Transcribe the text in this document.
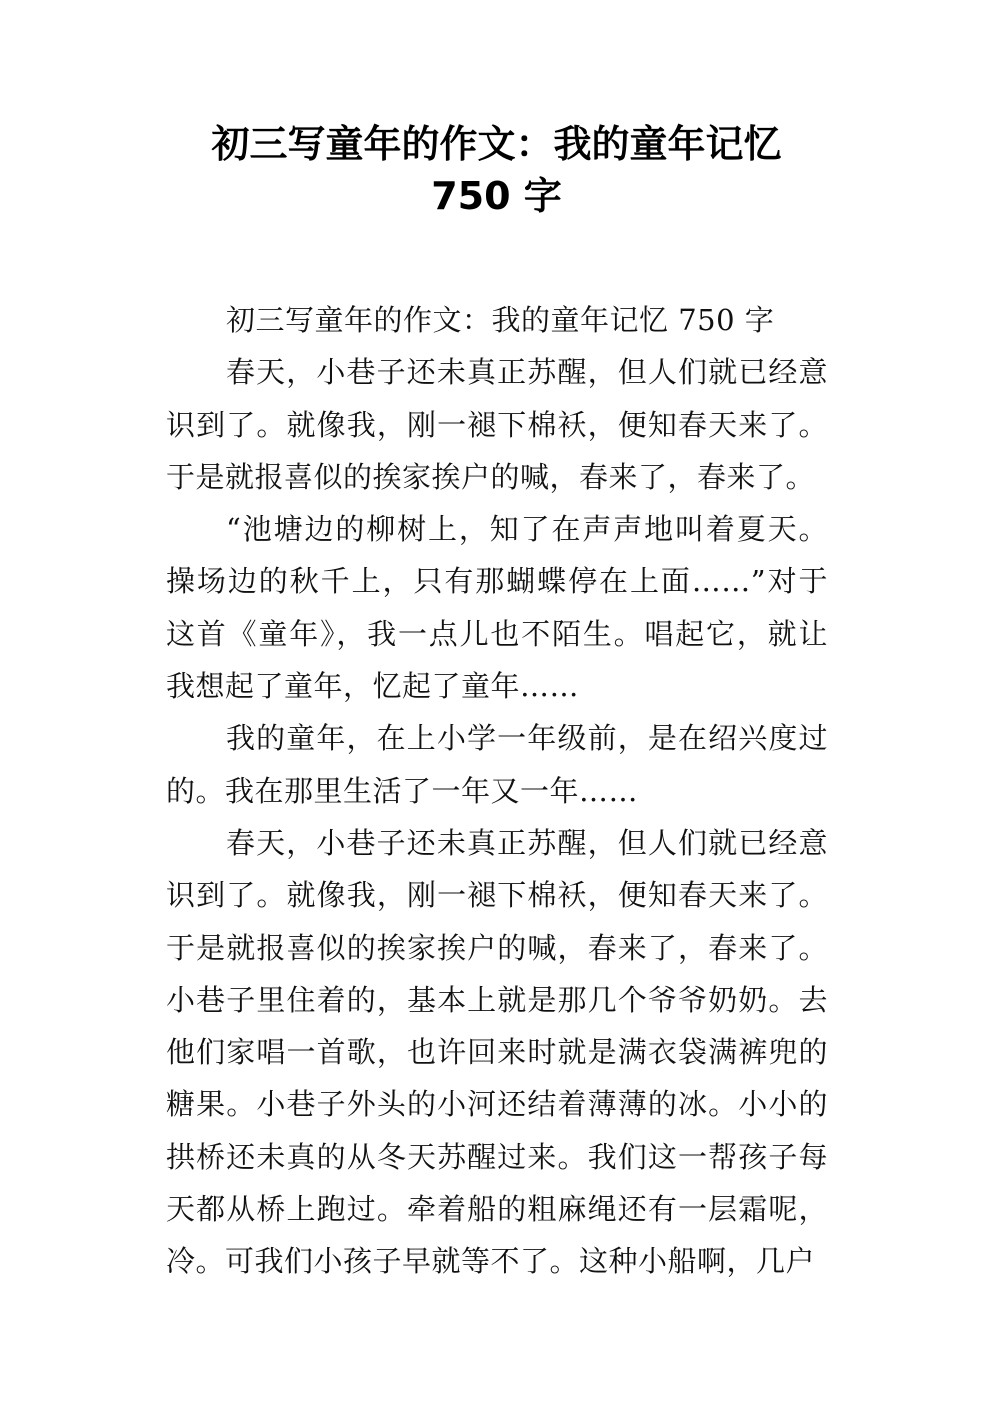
初三写童年的作文：我的童年记忆
750 字

初三写童年的作文：我的童年记忆 750 字

春天，小巷子还未真正苏醒，但人们就已经意识到了。就像我，刚一褪下棉袄，便知春天来了。于是就报喜似的挨家挨户的喊，春来了，春来了。

“池塘边的柳树上，知了在声声地叫着夏天。操场边的秋千上，只有那蝴蝶停在上面……”对于这首《童年》，我一点儿也不陌生。唱起它，就让我想起了童年，忆起了童年……

我的童年，在上小学一年级前，是在绍兴度过的。我在那里生活了一年又一年……

春天，小巷子还未真正苏醒，但人们就已经意识到了。就像我，刚一褪下棉袄，便知春天来了。于是就报喜似的挨家挨户的喊，春来了，春来了。小巷子里住着的，基本上就是那几个爷爷奶奶。去他们家唱一首歌，也许回来时就是满衣袋满裤兜的糖果。小巷子外头的小河还结着薄薄的冰。小小的拱桥还未真的从冬天苏醒过来。我们这一帮孩子每天都从桥上跑过。牵着船的粗麻绳还有一层霜呢，冷。可我们小孩子早就等不了。这种小船啊，几户
